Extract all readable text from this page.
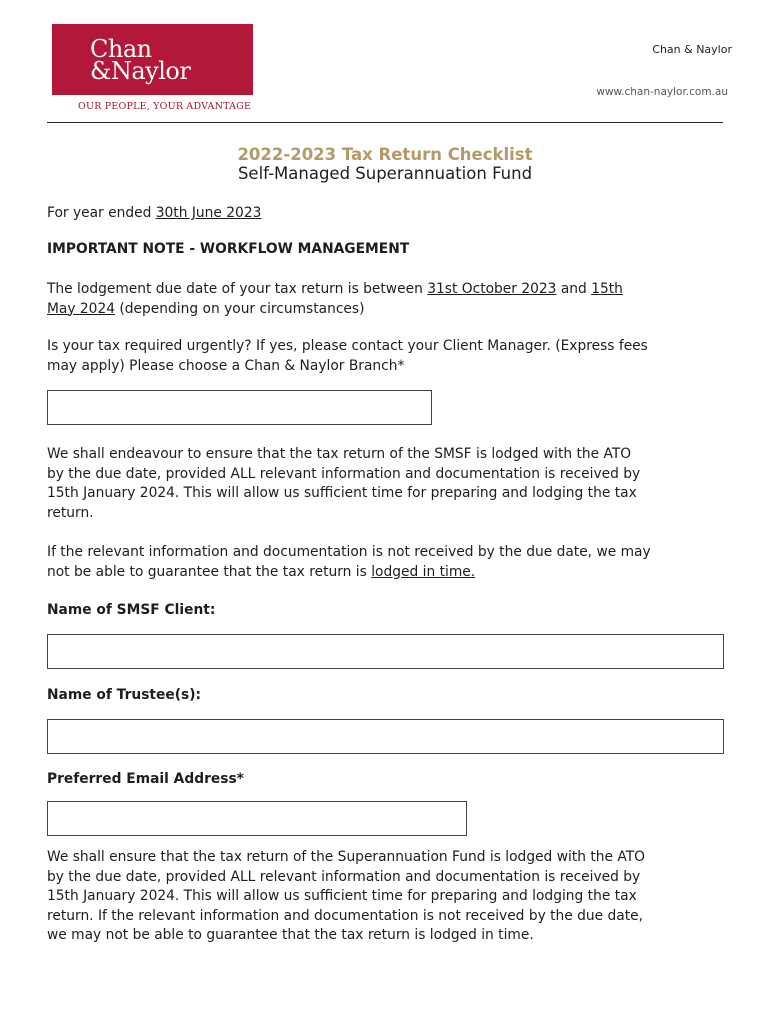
Chan
&Naylor
OUR PEOPLE, YOUR ADVANTAGE
Chan & Naylor
www.chan-naylor.com.au
2022-2023 Tax Return Checklist
Self-Managed Superannuation Fund
For year ended 30th June 2023
IMPORTANT NOTE - WORKFLOW MANAGEMENT
The lodgement due date of your tax return is between 31st October 2023 and 15th
May 2024 (depending on your circumstances)
Is your tax required urgently? If yes, please contact your Client Manager. (Express fees
may apply) Please choose a Chan & Naylor Branch*
We shall endeavour to ensure that the tax return of the SMSF is lodged with the ATO
by the due date, provided ALL relevant information and documentation is received by
15th January 2024. This will allow us sufficient time for preparing and lodging the tax
return.
If the relevant information and documentation is not received by the due date, we may
not be able to guarantee that the tax return is lodged in time.
Name of SMSF Client:
Name of Trustee(s):
Preferred Email Address*
We shall ensure that the tax return of the Superannuation Fund is lodged with the ATO
by the due date, provided ALL relevant information and documentation is received by
15th January 2024. This will allow us sufficient time for preparing and lodging the tax
return. If the relevant information and documentation is not received by the due date,
we may not be able to guarantee that the tax return is lodged in time.
